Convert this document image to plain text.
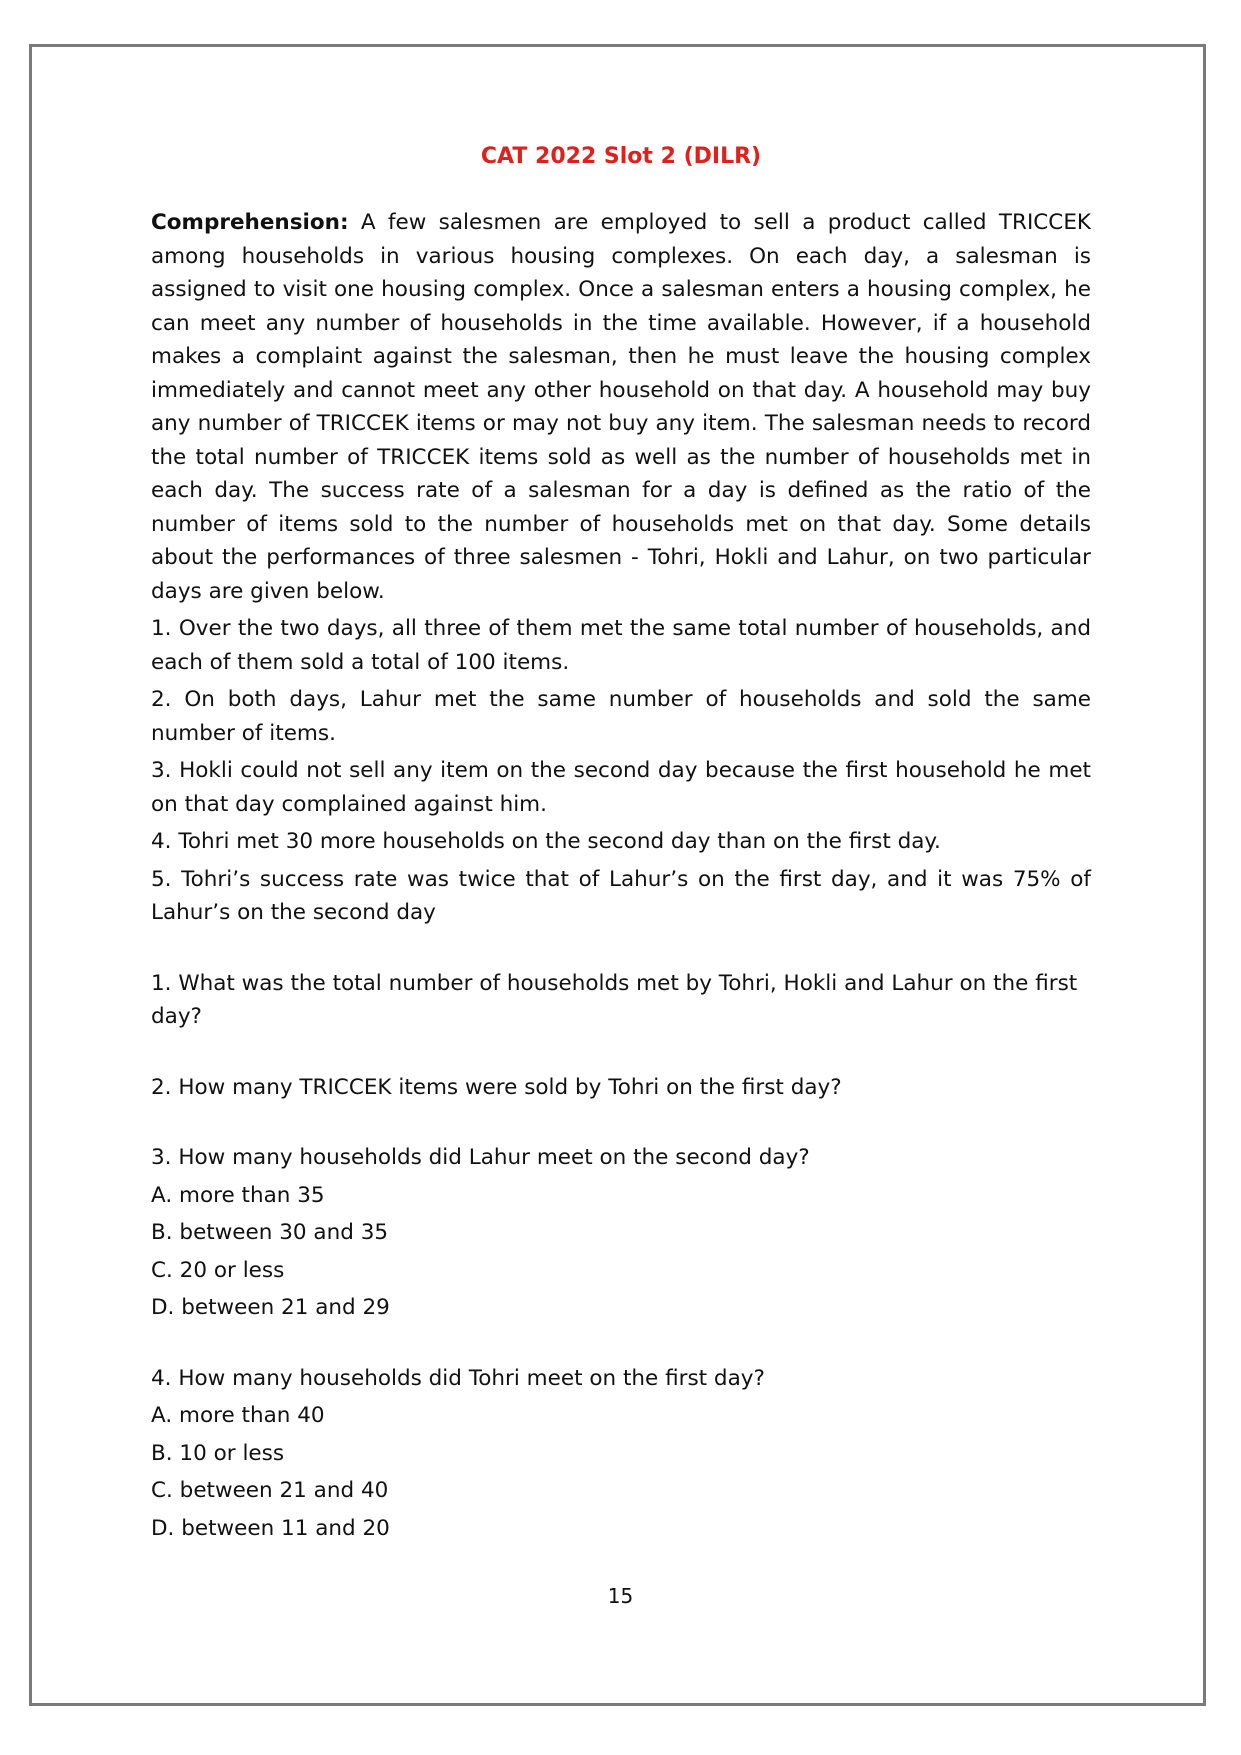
CAT 2022 Slot 2 (DILR)

Comprehension: A few salesmen are employed to sell a product called TRICCEK among households in various housing complexes. On each day, a salesman is assigned to visit one housing complex. Once a salesman enters a housing complex, he can meet any number of households in the time available. However, if a household makes a complaint against the salesman, then he must leave the housing complex immediately and cannot meet any other household on that day. A household may buy any number of TRICCEK items or may not buy any item. The salesman needs to record the total number of TRICCEK items sold as well as the number of households met in each day. The success rate of a salesman for a day is defined as the ratio of the number of items sold to the number of households met on that day. Some details about the performances of three salesmen - Tohri, Hokli and Lahur, on two particular days are given below.

1. Over the two days, all three of them met the same total number of households, and each of them sold a total of 100 items.

2. On both days, Lahur met the same number of households and sold the same number of items.

3. Hokli could not sell any item on the second day because the first household he met on that day complained against him.

4. Tohri met 30 more households on the second day than on the first day.

5. Tohri’s success rate was twice that of Lahur’s on the first day, and it was 75% of Lahur’s on the second day

1. What was the total number of households met by Tohri, Hokli and Lahur on the first day?

2. How many TRICCEK items were sold by Tohri on the first day?

3. How many households did Lahur meet on the second day?

A. more than 35

B. between 30 and 35

C. 20 or less

D. between 21 and 29

4. How many households did Tohri meet on the first day?

A. more than 40

B. 10 or less

C. between 21 and 40

D. between 11 and 20

15
